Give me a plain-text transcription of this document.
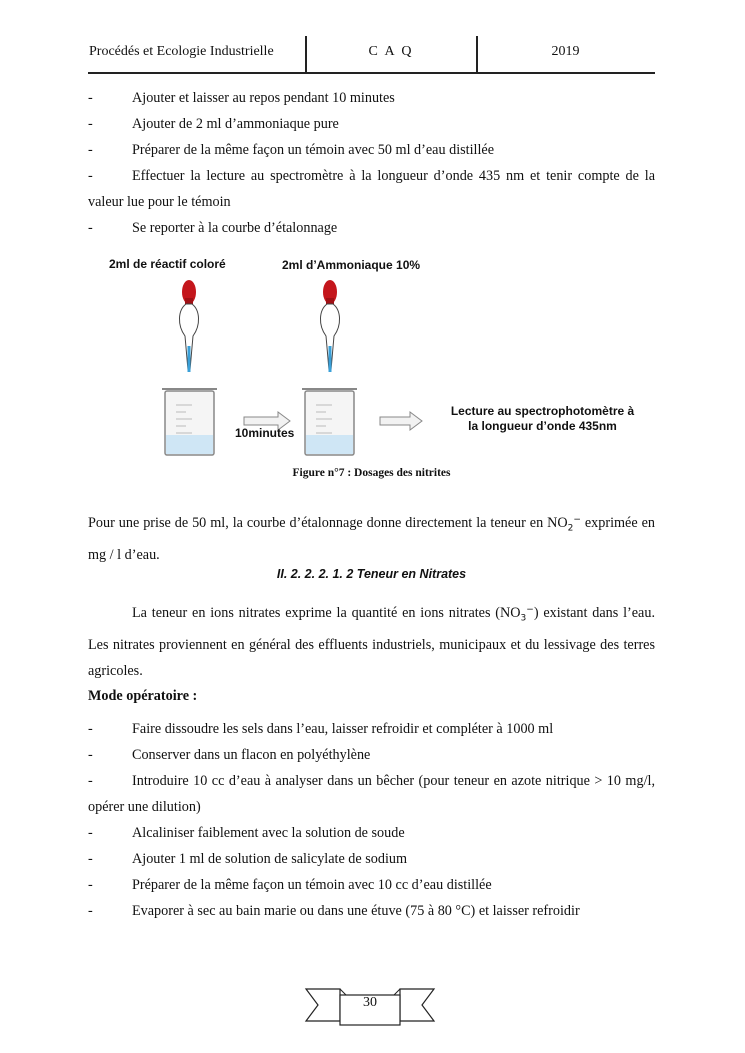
Procédés et Ecologie Industrielle	C A Q	2019
-	Ajouter et laisser au repos pendant 10 minutes
-	Ajouter de 2 ml d’ammoniaque pure
-	Préparer de la même façon un témoin avec 50 ml d’eau distillée
-	Effectuer la lecture au spectromètre à la longueur d’onde 435 nm et tenir compte de la valeur lue pour le témoin
-	Se reporter à la courbe d’étalonnage
2ml de réactif coloré	2ml d’Ammoniaque 10%
10minutes
Lecture au spectrophotomètre à
la longueur d’onde 435nm
Figure n°7 : Dosages des nitrites
Pour une prise de 50 ml, la courbe d’étalonnage donne directement la teneur en $NO_2^-$ exprimée en mg / l d’eau.
II. 2. 2. 2. 1. 2 Teneur en Nitrates
La teneur en ions nitrates exprime la quantité en ions nitrates $(NO_3^-)$ existant dans l’eau. Les nitrates proviennent en général des effluents industriels, municipaux et du lessivage des terres agricoles.
Mode opératoire :
-	Faire dissoudre les sels dans l’eau, laisser refroidir et compléter à 1000 ml
-	Conserver dans un flacon en polyéthylène
-	Introduire 10 cc d’eau à analyser dans un bêcher (pour teneur en azote nitrique > 10 mg/l, opérer une dilution)
-	Alcaliniser faiblement avec la solution de soude
-	Ajouter 1 ml de solution de salicylate de sodium
-	Préparer de la même façon un témoin avec 10 cc d’eau distillée
-	Evaporer à sec au bain marie ou dans une étuve (75 à 80 °C) et laisser refroidir
30
